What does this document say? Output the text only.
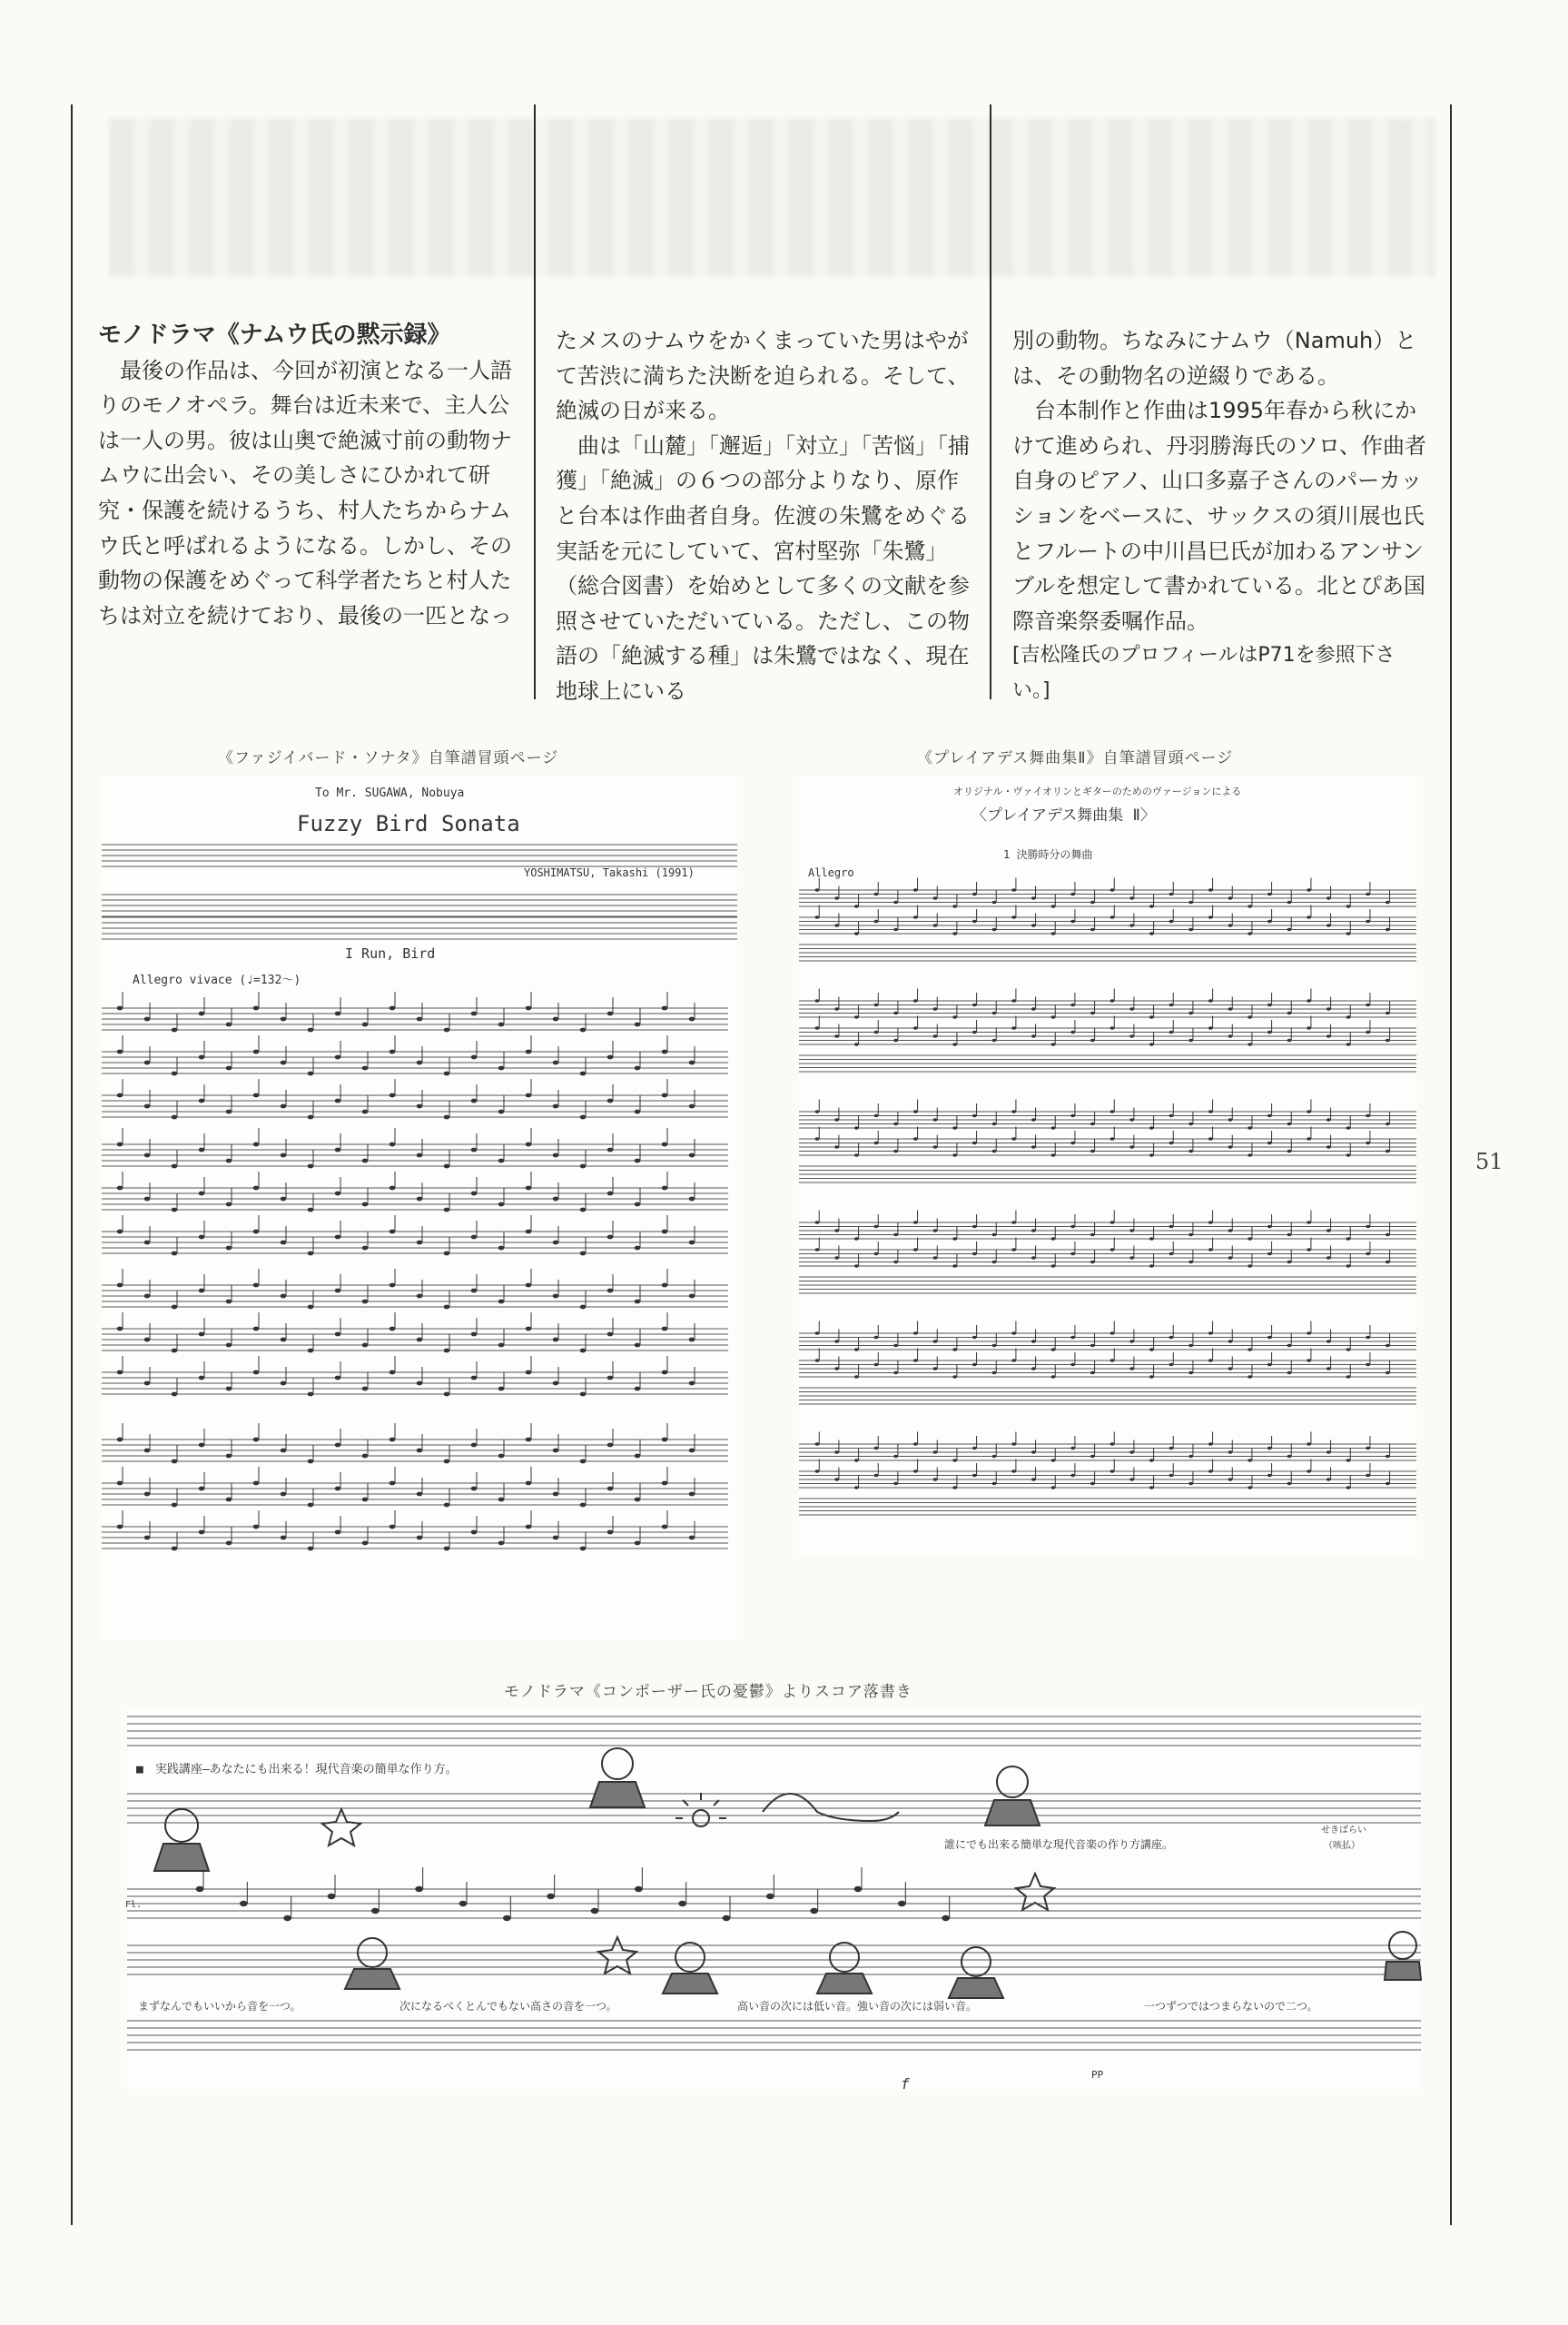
モノドラマ《ナムウ氏の黙示録》

最後の作品は、今回が初演となる一人語りのモノオペラ。舞台は近未来で、主人公は一人の男。彼は山奥で絶滅寸前の動物ナムウに出会い、その美しさにひかれて研究・保護を続けるうち、村人たちからナムウ氏と呼ばれるようになる。しかし、その動物の保護をめぐって科学者たちと村人たちは対立を続けており、最後の一匹となっ

たメスのナムウをかくまっていた男はやがて苦渋に満ちた決断を迫られる。そして、絶滅の日が来る。

曲は「山麓」「邂逅」「対立」「苦悩」「捕獲」「絶滅」の６つの部分よりなり、原作と台本は作曲者自身。佐渡の朱鷺をめぐる実話を元にしていて、宮村堅弥「朱鷺」（総合図書）を始めとして多くの文献を参照させていただいている。ただし、この物語の「絶滅する種」は朱鷺ではなく、現在地球上にいる

別の動物。ちなみにナムウ（Namuh）とは、その動物名の逆綴りである。

台本制作と作曲は1995年春から秋にかけて進められ、丹羽勝海氏のソロ、作曲者自身のピアノ、山口多嘉子さんのパーカッションをベースに、サックスの須川展也氏とフルートの中川昌巳氏が加わるアンサンブルを想定して書かれている。北とぴあ国際音楽祭委嘱作品。

[吉松隆氏のプロフィールはP71を参照下さい。]

《ファジイバード・ソナタ》自筆譜冒頭ページ	《プレイアデス舞曲集Ⅱ》自筆譜冒頭ページ
モノドラマ《コンポーザー氏の憂鬱》よりスコア落書き
To Mr. SUGAWA, Nobuya
Fuzzy Bird Sonata
YOSHIMATSU, Takashi (1991)
I Run, Bird
Allegro vivace (♩=132〜)
オリジナル・ヴァイオリンとギターのためのヴァージョンによる
〈プレイアデス舞曲集 Ⅱ〉
1 決勝時分の舞曲
Allegro
■　実践講座—あなたにも出来る！現代音楽の簡単な作り方。
誰にでも出来る簡単な現代音楽の作り方講座。
せきばらい
（咳払）
Fl.
まずなんでもいいから音を一つ。	次になるべくとんでもない高さの音を一つ。	高い音の次には低い音。強い音の次には弱い音。	一つずつではつまらないので二つ。
f
PP
51
